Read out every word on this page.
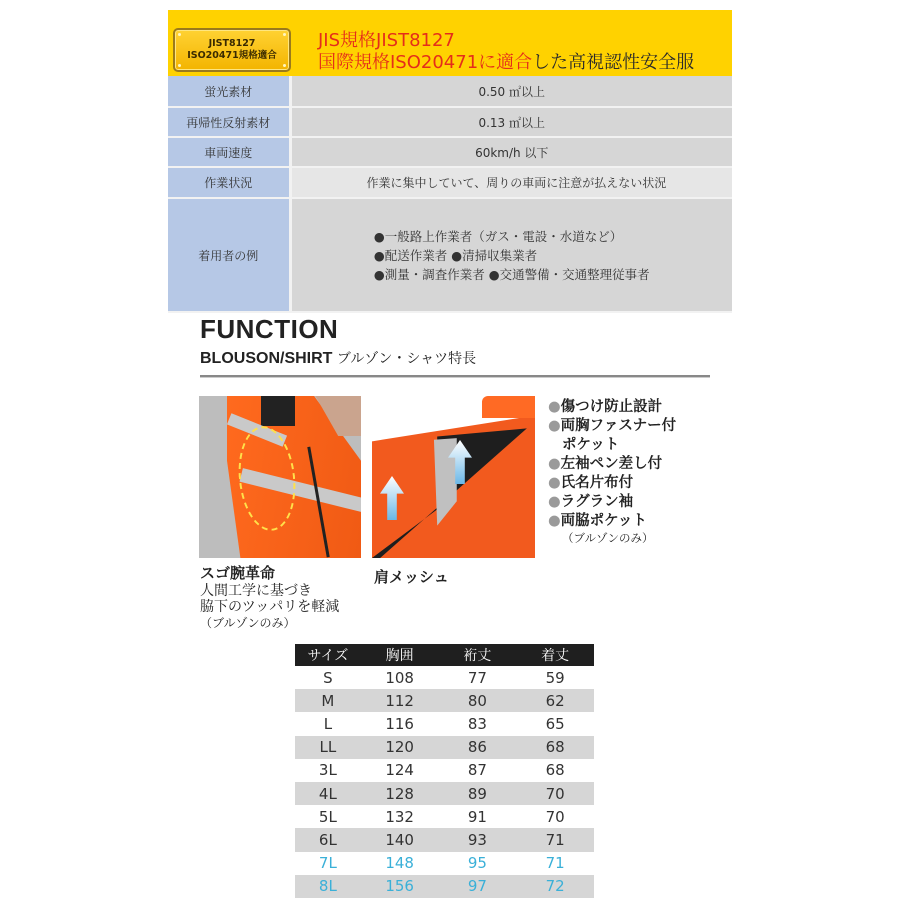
JIST8127
ISO20471規格適合
JIS規格JIST8127
国際規格ISO20471に適合した高視認性安全服
蛍光素材	0.50 ㎡以上
再帰性反射素材	0.13 ㎡以上
車両速度	60km/h 以下
作業状況	作業に集中していて、周りの車両に注意が払えない状況
着用者の例	●一般路上作業者（ガス・電設・水道など）
●配送作業者 ●清掃収集業者
●測量・調査作業者 ●交通警備・交通整理従事者
FUNCTION
BLOUSON/SHIRT ブルゾン・シャツ特長
スゴ腕革命
人間工学に基づき
脇下のツッパリを軽減
（ブルゾンのみ）
肩メッシュ
●傷つけ防止設計
●両胸ファスナー付
ポケット
●左袖ペン差し付
●氏名片布付
●ラグラン袖
●両脇ポケット
（ブルゾンのみ）
サイズ	胸囲	裄丈	着丈
S	108	77	59
M	112	80	62
L	116	83	65
LL	120	86	68
3L	124	87	68
4L	128	89	70
5L	132	91	70
6L	140	93	71
7L	148	95	71
8L	156	97	72
